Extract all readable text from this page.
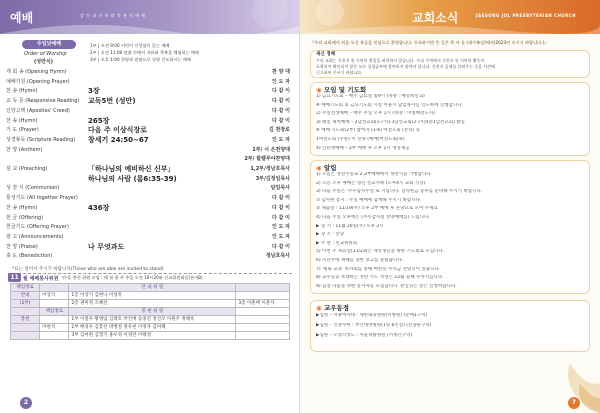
예배	감 동 과 자 유 와 축 복 의 예 배
주일낮예배
Order of Worship
(성만식)
1부 | 오전 9:00 어린이 신앙함이 있는 예배
2부 | 오전 11:00 말씀 안에서 자유와 축복을 체험하는 예배
3부 | 오후 1:00 찬양과 말씀으로 성령 인도하시는 예배
개 회 송 (Opening Hymn)	찬 양 대
예배기원 (Opening Prayer)	인 도 자
찬 송 (Hymn)	3장	다 같 이
교 독 문 (Responsive Reading) 교독5번 (성만)	다 같 이
신앙고백 (Apostles' Creed)	다 같 이
찬 송 (Hymn)	265장	다 같 이
기 도 (Prayer)	다음 주 이상식장로	김 천장로
성경봉독 (Scripture Reading) 창세기 24:50~67	인 도 자
찬 양 (Anthem)	1부/ 시 은천양대
2부/ 할렐루야찬양대
설 교 (Preaching)	「하나님의 예비하신 신부」	1,2부/정남호목사
하나님의 사람 (롬6:35-39)	3부/김정일목사
성 찬 식 (Communion)	담임목사
통성기도 (All together Prayer)	다 같 이
찬 송 (Hymn)	436장	다 같 이
헌 금 (Offering)	다 같 이
헌금기도 (Offering Prayer)	인 도 자
광 고 (Announcements)	인 도 자
찬 양 (Praise)	나 무엇과도	다 같 이
축 도 (Benediction)	정남호목사
*표는 일어서 주시기 바랍니다(Those who are able are invited to stand)
11 월 예배봉사위원 안내, 봉헌 위원 모임 : 매 월 첫 주 주일 오전 10시20분 선교위원회실(본지B)
책임정로		안 내 위 원	
안내	이상식	1층 이상기 김현나 이성옥	
(2부)		2층 권미정 조혜선	3층 이춘배 이춘자
	책임정로	봉 헌 위 원	
봉헌		1부 이철우 황병임 김태호 박진배 송종진 정진모 이원주 정해옥	
	이현석	2부 배성우 김봉선 박병철 정유현 이영자 김미혜	
		3부 김여원 김형기 홍우성 이경란 이태성	
2
교회소식	JAESONG JOL PRESBYTERIAN CHURCH
『우리 교회에서 처음 오신 분들을 진심으로 환영합니다. 등록하시면 뜻 깊은 축 사 를 (새가족실)에서(2023년 오시기 바랍니다.)』
새신 경배
우리 교회는 신천지 및 이단의 출입을 허락하지 않습니다. 우리 주변에서 신천지 및 이단의 활동이
포착되어 확인되지 않은 모든 성경공부에 참여하지 말아야 합니다. 신천지 실제를 알려주는 곳을 사전에
신고하여 주시기 바랍니다.
◉ 모임 및 기도회
1) 금요기도회 – 매주 금요일 밤9시 (목양 : 배유희선교)
※ 예배기도회 및 금요기도회 시설 이용시 담임목사님 인도하에 진행합니다.
2) 주일전성예배 – 매주 주일 오후 1시 (목양 : 이영배전도사)
3) 평일 새벽예배 – 2남선교회(1구역)·3남선교회(2구역)(준1남선교회) 활동
※ 예배·기도회(2부) 참여자 (1-6) 여전도회 (본리) 등
1여전도회 (주관) 이 찬양 (예배)여전도회(목)
4) 인터넷예배 – 2부 예배 후 오후 1시 영상제공
◉ 알림
1) 오늘은 성찬주일로 2,3부예배에서 성찬식을 거행합니다.
2) 오늘 오후 예배는 청년 선교카페 (오후4시 교회 식당)
3) 다음 주일은 '추수감사주일'로 지킵니다. 감사헌금 봉투를 준비해 주시기 바랍니다.
① 감사헌 봉지 : 주일 예배에 함께해 주시기 바랍니다.
② 제출일 : 11/19(주) 오후 2부 예배 후 본당으로 모아 주세요
4) 다음 주일 오후에는 (추수감사절 찬양예배를) 드립니다.
▶ 일 시 : 11월 26일(주) 오후 2시
▶ 장 소 : 본당
▶ 주 관 : 선교위원회
5) 이번 주 목요일(11/23)은 재학생들을 위한 기도회로 모입니다.
6) 지난주에 새해를 향한 보고를 올렸습니다.
7) '평화 교육' 바자회를 통해 마련된 수익금 전달식이 있습니다.
8) 교우들을 초대하는 성탄 카드 작성은 12월 둘째 주까지입니다.
9) 김장 나눔을 위한 봉사자를 모집합니다. 관심있는 분은 신청바랍니다.
◉ 교우동정
▶입원 – 서광여자대 : 새론내과병원(이병원) (문예1구역)
▶입원 – 신장수씨 : 부산대양병원(1일 6인실) (신장순구역)
▶입원 – 오정식성도 : 서울재활병원 (서재간구역)
7
